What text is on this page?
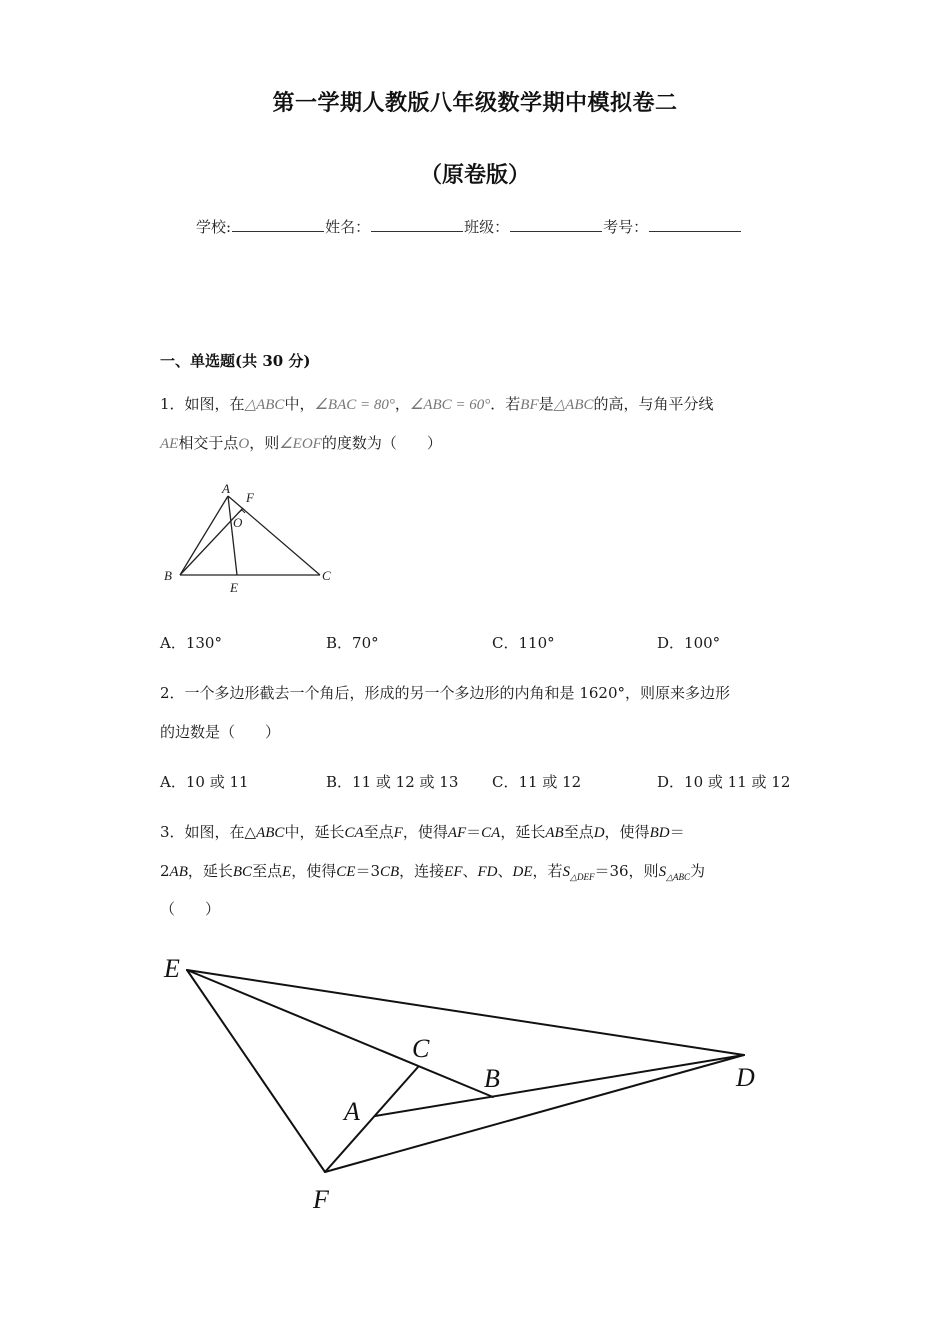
第一学期人教版八年级数学期中模拟卷二
（原卷版）
学校:	姓名：	班级：	考号：
一、单选题(共 30 分)
1．如图，在△ABC中，∠BAC = 80°，∠ABC = 60°．若BF是△ABC的高，与角平分线
AE相交于点O，则∠EOF的度数为（　　）
A
F
O
B	C
E
A．130°	B．70°	C．110°	D．100°
2．一个多边形截去一个角后，形成的另一个多边形的内角和是 1620°，则原来多边形
的边数是（　　）
A．10 或 11	B．11 或 12 或 13 C．11 或 12	D．10 或 11 或 12
3．如图，在△ABC中，延长CA至点F，使得AF＝CA，延长AB至点D，使得BD＝
2AB，延长BC至点E，使得CE＝3CB，连接EF、FD、DE，若$S_{\triangle DEF}=36$，则$S_{\triangle ABC}$为
（　　）
E
C
B	D
A
F
